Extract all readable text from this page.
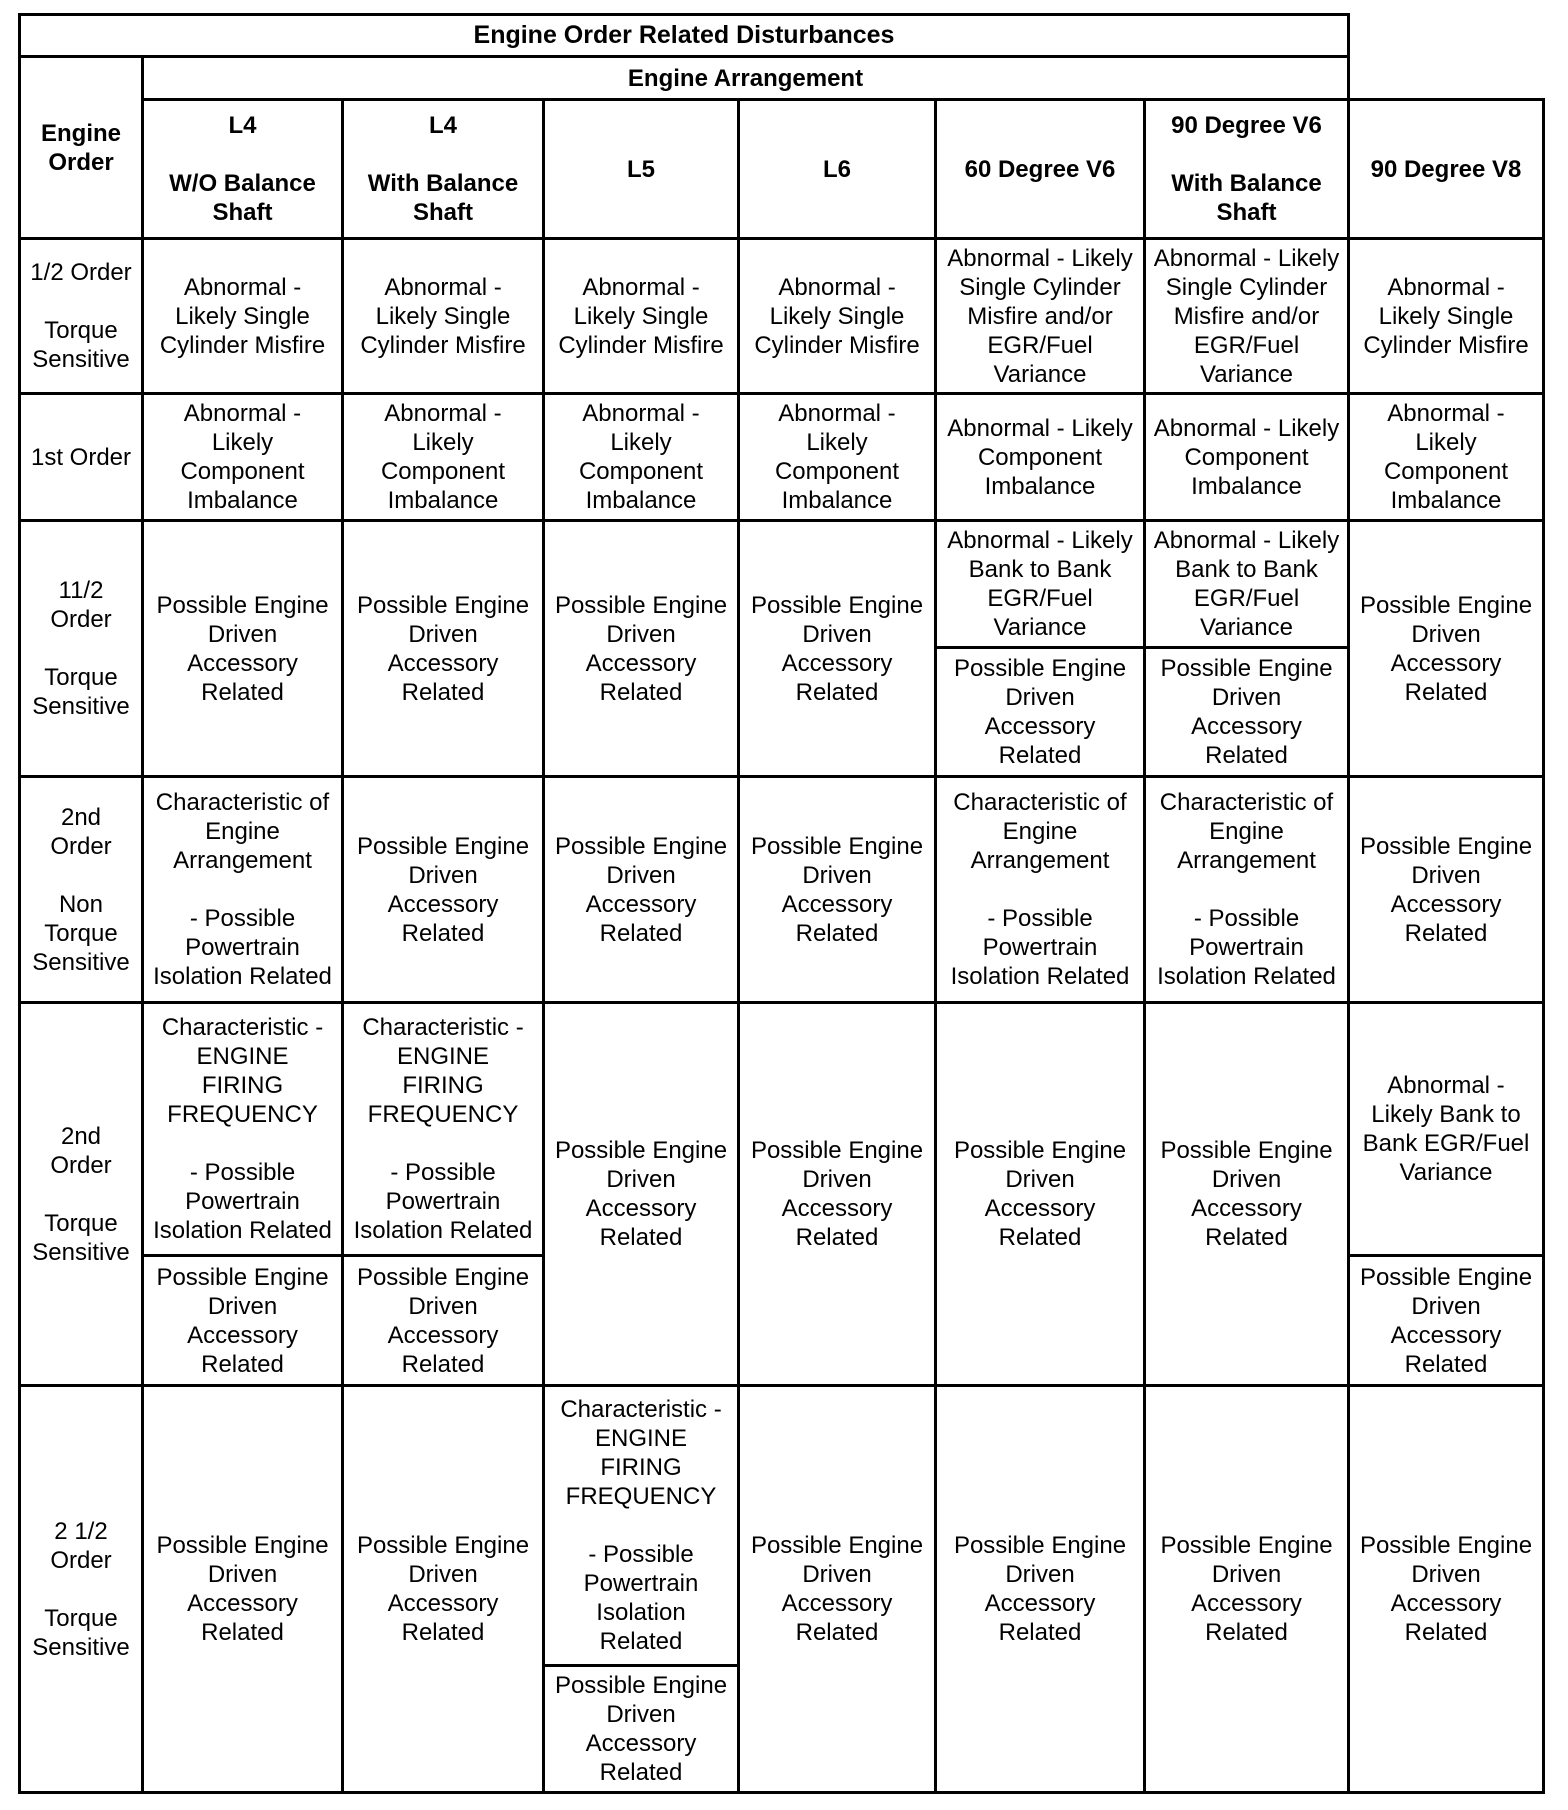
Engine Order Related Disturbances
Engine
Order
Engine Arrangement
L4

W/O Balance
Shaft
L4

With Balance
Shaft
L5	L6	60 Degree V6
90 Degree V6

With Balance
Shaft
90 Degree V8
1/2 Order

Torque
Sensitive
Abnormal -
Likely Single
Cylinder Misfire
Abnormal -
Likely Single
Cylinder Misfire
Abnormal -
Likely Single
Cylinder Misfire
Abnormal -
Likely Single
Cylinder Misfire
Abnormal - Likely
Single Cylinder
Misfire and/or
EGR/Fuel
Variance
Abnormal - Likely
Single Cylinder
Misfire and/or
EGR/Fuel
Variance
Abnormal -
Likely Single
Cylinder Misfire
1st Order
Abnormal -
Likely
Component
Imbalance
Abnormal -
Likely
Component
Imbalance
Abnormal -
Likely
Component
Imbalance
Abnormal -
Likely
Component
Imbalance
Abnormal - Likely
Component
Imbalance
Abnormal - Likely
Component
Imbalance
Abnormal -
Likely
Component
Imbalance
11/2
Order

Torque
Sensitive
Possible Engine
Driven
Accessory
Related
Possible Engine
Driven
Accessory
Related
Possible Engine
Driven
Accessory
Related
Possible Engine
Driven
Accessory
Related
Abnormal - Likely
Bank to Bank
EGR/Fuel
Variance
Possible Engine
Driven
Accessory
Related
Abnormal - Likely
Bank to Bank
EGR/Fuel
Variance
Possible Engine
Driven
Accessory
Related
Possible Engine
Driven
Accessory
Related
2nd
Order

Non
Torque
Sensitive
Characteristic of
Engine
Arrangement

- Possible
Powertrain
Isolation Related
Possible Engine
Driven
Accessory
Related
Possible Engine
Driven
Accessory
Related
Possible Engine
Driven
Accessory
Related
Characteristic of
Engine
Arrangement

- Possible
Powertrain
Isolation Related
Characteristic of
Engine
Arrangement

- Possible
Powertrain
Isolation Related
Possible Engine
Driven
Accessory
Related
2nd
Order

Torque
Sensitive
Characteristic -
ENGINE
FIRING
FREQUENCY

- Possible
Powertrain
Isolation Related
Possible Engine
Driven
Accessory
Related
Characteristic -
ENGINE
FIRING
FREQUENCY

- Possible
Powertrain
Isolation Related
Possible Engine
Driven
Accessory
Related
Possible Engine
Driven
Accessory
Related
Possible Engine
Driven
Accessory
Related
Possible Engine
Driven
Accessory
Related
Possible Engine
Driven
Accessory
Related
Abnormal -
Likely Bank to
Bank EGR/Fuel
Variance
Possible Engine
Driven
Accessory
Related
2 1/2
Order

Torque
Sensitive
Possible Engine
Driven
Accessory
Related
Possible Engine
Driven
Accessory
Related
Characteristic -
ENGINE
FIRING
FREQUENCY

- Possible
Powertrain
Isolation
Related
Possible Engine
Driven
Accessory
Related
Possible Engine
Driven
Accessory
Related
Possible Engine
Driven
Accessory
Related
Possible Engine
Driven
Accessory
Related
Possible Engine
Driven
Accessory
Related
